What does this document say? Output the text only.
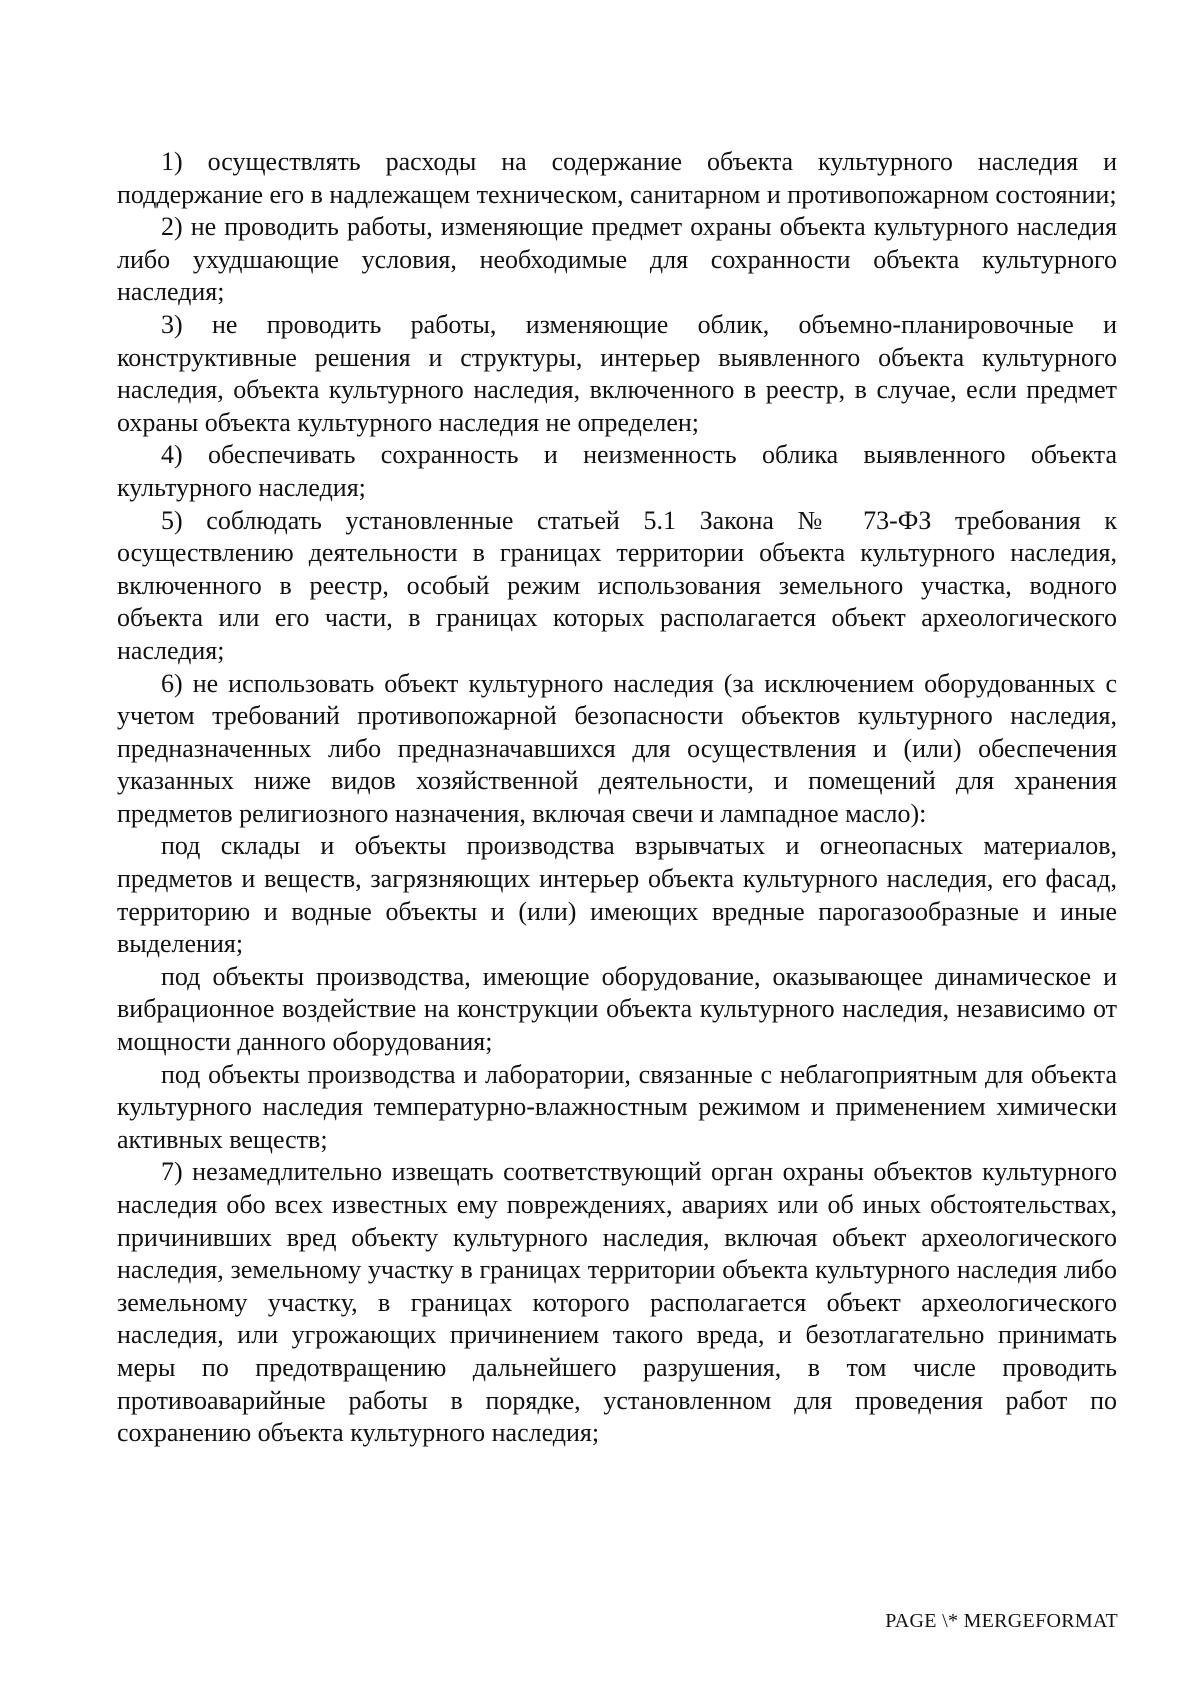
1) осуществлять расходы на содержание объекта культурного наследия и поддержание его в надлежащем техническом, санитарном и противопожарном состоянии;

2) не проводить работы, изменяющие предмет охраны объекта культурного наследия либо ухудшающие условия, необходимые для сохранности объекта культурного наследия;

3) не проводить работы, изменяющие облик, объемно-планировочные и конструктивные решения и структуры, интерьер выявленного объекта культурного наследия, объекта культурного наследия, включенного в реестр, в случае, если предмет охраны объекта культурного наследия не определен;

4) обеспечивать сохранность и неизменность облика выявленного объекта культурного наследия;

5) соблюдать установленные статьей 5.1 Закона № 73-ФЗ требования к осуществлению деятельности в границах территории объекта культурного наследия, включенного в реестр, особый режим использования земельного участка, водного объекта или его части, в границах которых располагается объект археологического наследия;

6) не использовать объект культурного наследия (за исключением оборудованных с учетом требований противопожарной безопасности объектов культурного наследия, предназначенных либо предназначавшихся для осуществления и (или) обеспечения указанных ниже видов хозяйственной деятельности, и помещений для хранения предметов религиозного назначения, включая свечи и лампадное масло):

под склады и объекты производства взрывчатых и огнеопасных материалов, предметов и веществ, загрязняющих интерьер объекта культурного наследия, его фасад, территорию и водные объекты и (или) имеющих вредные парогазообразные и иные выделения;

под объекты производства, имеющие оборудование, оказывающее динамическое и вибрационное воздействие на конструкции объекта культурного наследия, независимо от мощности данного оборудования;

под объекты производства и лаборатории, связанные с неблагоприятным для объекта культурного наследия температурно-влажностным режимом и применением химически активных веществ;

7) незамедлительно извещать соответствующий орган охраны объектов культурного наследия обо всех известных ему повреждениях, авариях или об иных обстоятельствах, причинивших вред объекту культурного наследия, включая объект археологического наследия, земельному участку в границах территории объекта культурного наследия либо земельному участку, в границах которого располагается объект археологического наследия, или угрожающих причинением такого вреда, и безотлагательно принимать меры по предотвращению дальнейшего разрушения, в том числе проводить противоаварийные работы в порядке, установленном для проведения работ по сохранению объекта культурного наследия;

PAGE \* MERGEFORMAT
